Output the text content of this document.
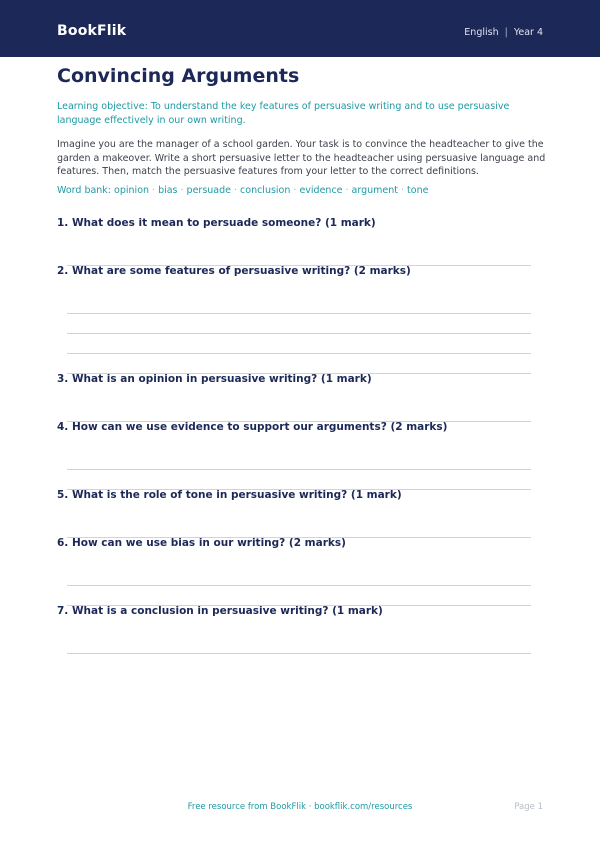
BookFlik	English | Year 4
Convincing Arguments
Learning objective: To understand the key features of persuasive writing and to use persuasive language effectively in our own writing.
Imagine you are the manager of a school garden. Your task is to convince the headteacher to give the garden a makeover. Write a short persuasive letter to the headteacher using persuasive language and features. Then, match the persuasive features from your letter to the correct definitions.
Word bank: opinion · bias · persuade · conclusion · evidence · argument · tone
1. What does it mean to persuade someone? (1 mark)
2. What are some features of persuasive writing? (2 marks)
3. What is an opinion in persuasive writing? (1 mark)
4. How can we use evidence to support our arguments? (2 marks)
5. What is the role of tone in persuasive writing? (1 mark)
6. How can we use bias in our writing? (2 marks)
7. What is a conclusion in persuasive writing? (1 mark)
Free resource from BookFlik · bookflik.com/resources	Page 1
